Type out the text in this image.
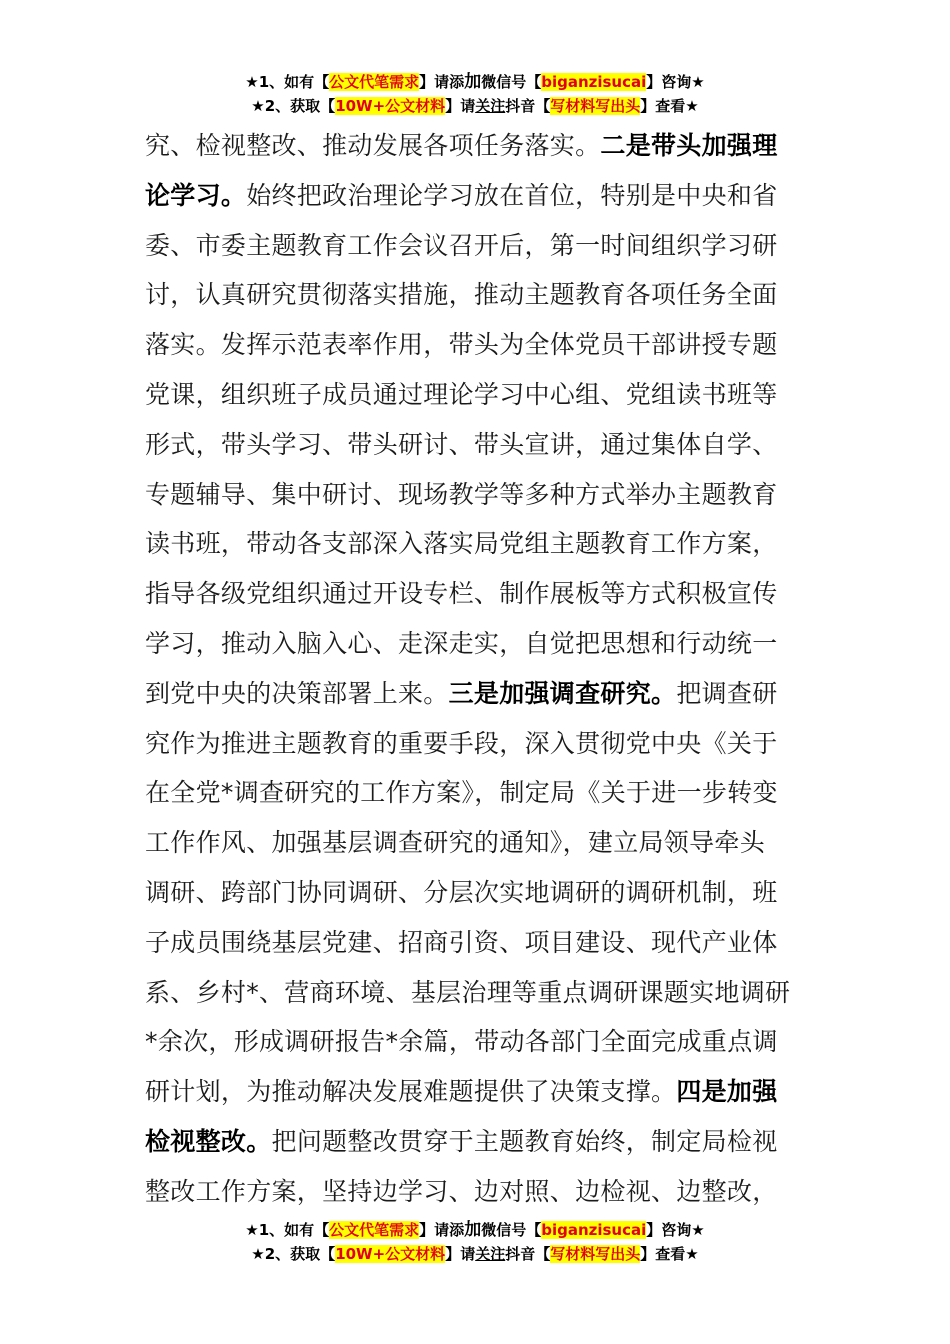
★1、如有【公文代笔需求】请添加微信号【biganzisucai】咨询★
★2、获取【10W+公文材料】请关注抖音【写材料写出头】查看★
究、检视整改、推动发展各项任务落实。二是带头加强理
论学习。始终把政治理论学习放在首位，特别是中央和省
委、市委主题教育工作会议召开后，第一时间组织学习研
讨，认真研究贯彻落实措施，推动主题教育各项任务全面
落实。发挥示范表率作用，带头为全体党员干部讲授专题
党课，组织班子成员通过理论学习中心组、党组读书班等
形式，带头学习、带头研讨、带头宣讲，通过集体自学、
专题辅导、集中研讨、现场教学等多种方式举办主题教育
读书班，带动各支部深入落实局党组主题教育工作方案，
指导各级党组织通过开设专栏、制作展板等方式积极宣传
学习，推动入脑入心、走深走实，自觉把思想和行动统一
到党中央的决策部署上来。三是加强调查研究。把调查研
究作为推进主题教育的重要手段，深入贯彻党中央《关于
在全党*调查研究的工作方案》，制定局《关于进一步转变
工作作风、加强基层调查研究的通知》，建立局领导牵头
调研、跨部门协同调研、分层次实地调研的调研机制，班
子成员围绕基层党建、招商引资、项目建设、现代产业体
系、乡村*、营商环境、基层治理等重点调研课题实地调研
*余次，形成调研报告*余篇，带动各部门全面完成重点调
研计划，为推动解决发展难题提供了决策支撑。四是加强
检视整改。把问题整改贯穿于主题教育始终，制定局检视
整改工作方案，坚持边学习、边对照、边检视、边整改，
★1、如有【公文代笔需求】请添加微信号【biganzisucai】咨询★
★2、获取【10W+公文材料】请关注抖音【写材料写出头】查看★
